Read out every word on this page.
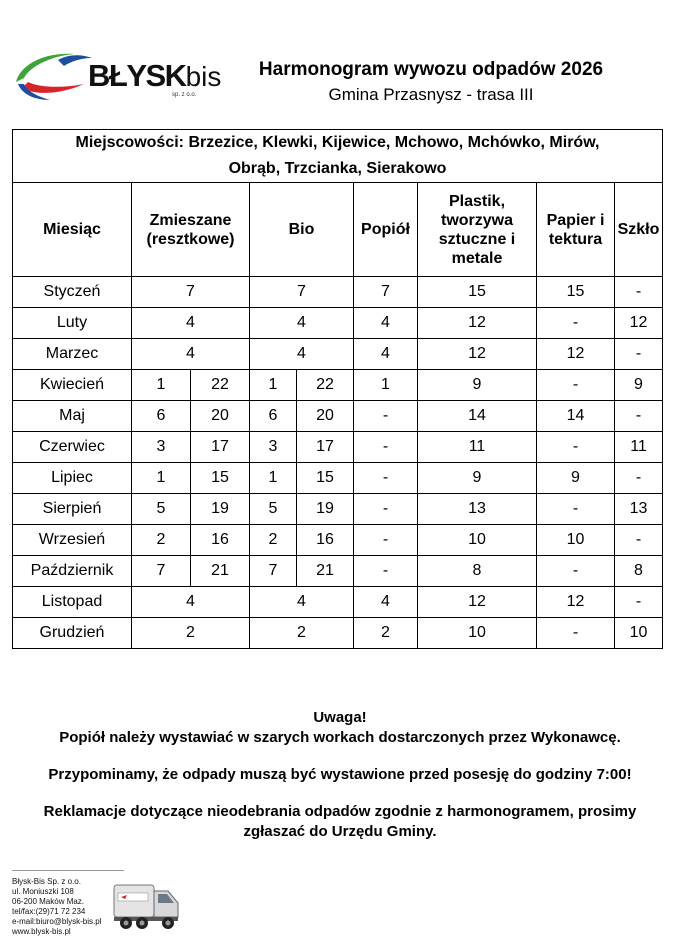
BŁYSKbis
sp. z o.o.
Harmonogram wywozu odpadów 2026
Gmina Przasnysz - trasa III
Miejscowości: Brzezice, Klewki, Kijewice, Mchowo, Mchówko, Mirów,
Obrąb, Trzcianka, Sierakowo								

Miesiąc	Zmieszane (resztkowe)		Bio		Popiół	Plastik, tworzywa sztuczne i metale	Papier i tektura	Szkło
Styczeń	7		7		7	15	15	-
Luty	4		4		4	12	-	12
Marzec	4		4		4	12	12	-
Kwiecień	1	22	1	22	1	9	-	9
Maj	6	20	6	20	-	14	14	-
Czerwiec	3	17	3	17	-	11	-	11
Lipiec	1	15	1	15	-	9	9	-
Sierpień	5	19	5	19	-	13	-	13
Wrzesień	2	16	2	16	-	10	10	-
Październik	7	21	7	21	-	8	-	8
Listopad	4		4		4	12	12	-
Grudzień	2		2		2	10	-	10

Uwaga!

Popiół należy wystawiać w szarych workach dostarczonych przez Wykonawcę.

Przypominamy, że odpady muszą być wystawione przed posesję do godziny 7:00!

Reklamacje dotyczące nieodebrania odpadów zgodnie z harmonogramem, prosimy

zgłaszać do Urzędu Gminy.

Błysk-Bis Sp. z o.o.
ul. Moniuszki 108
06-200 Maków Maz.
tel/fax:(29)71 72 234
e-mail:biuro@blysk-bis.pl
www.blysk-bis.pl
